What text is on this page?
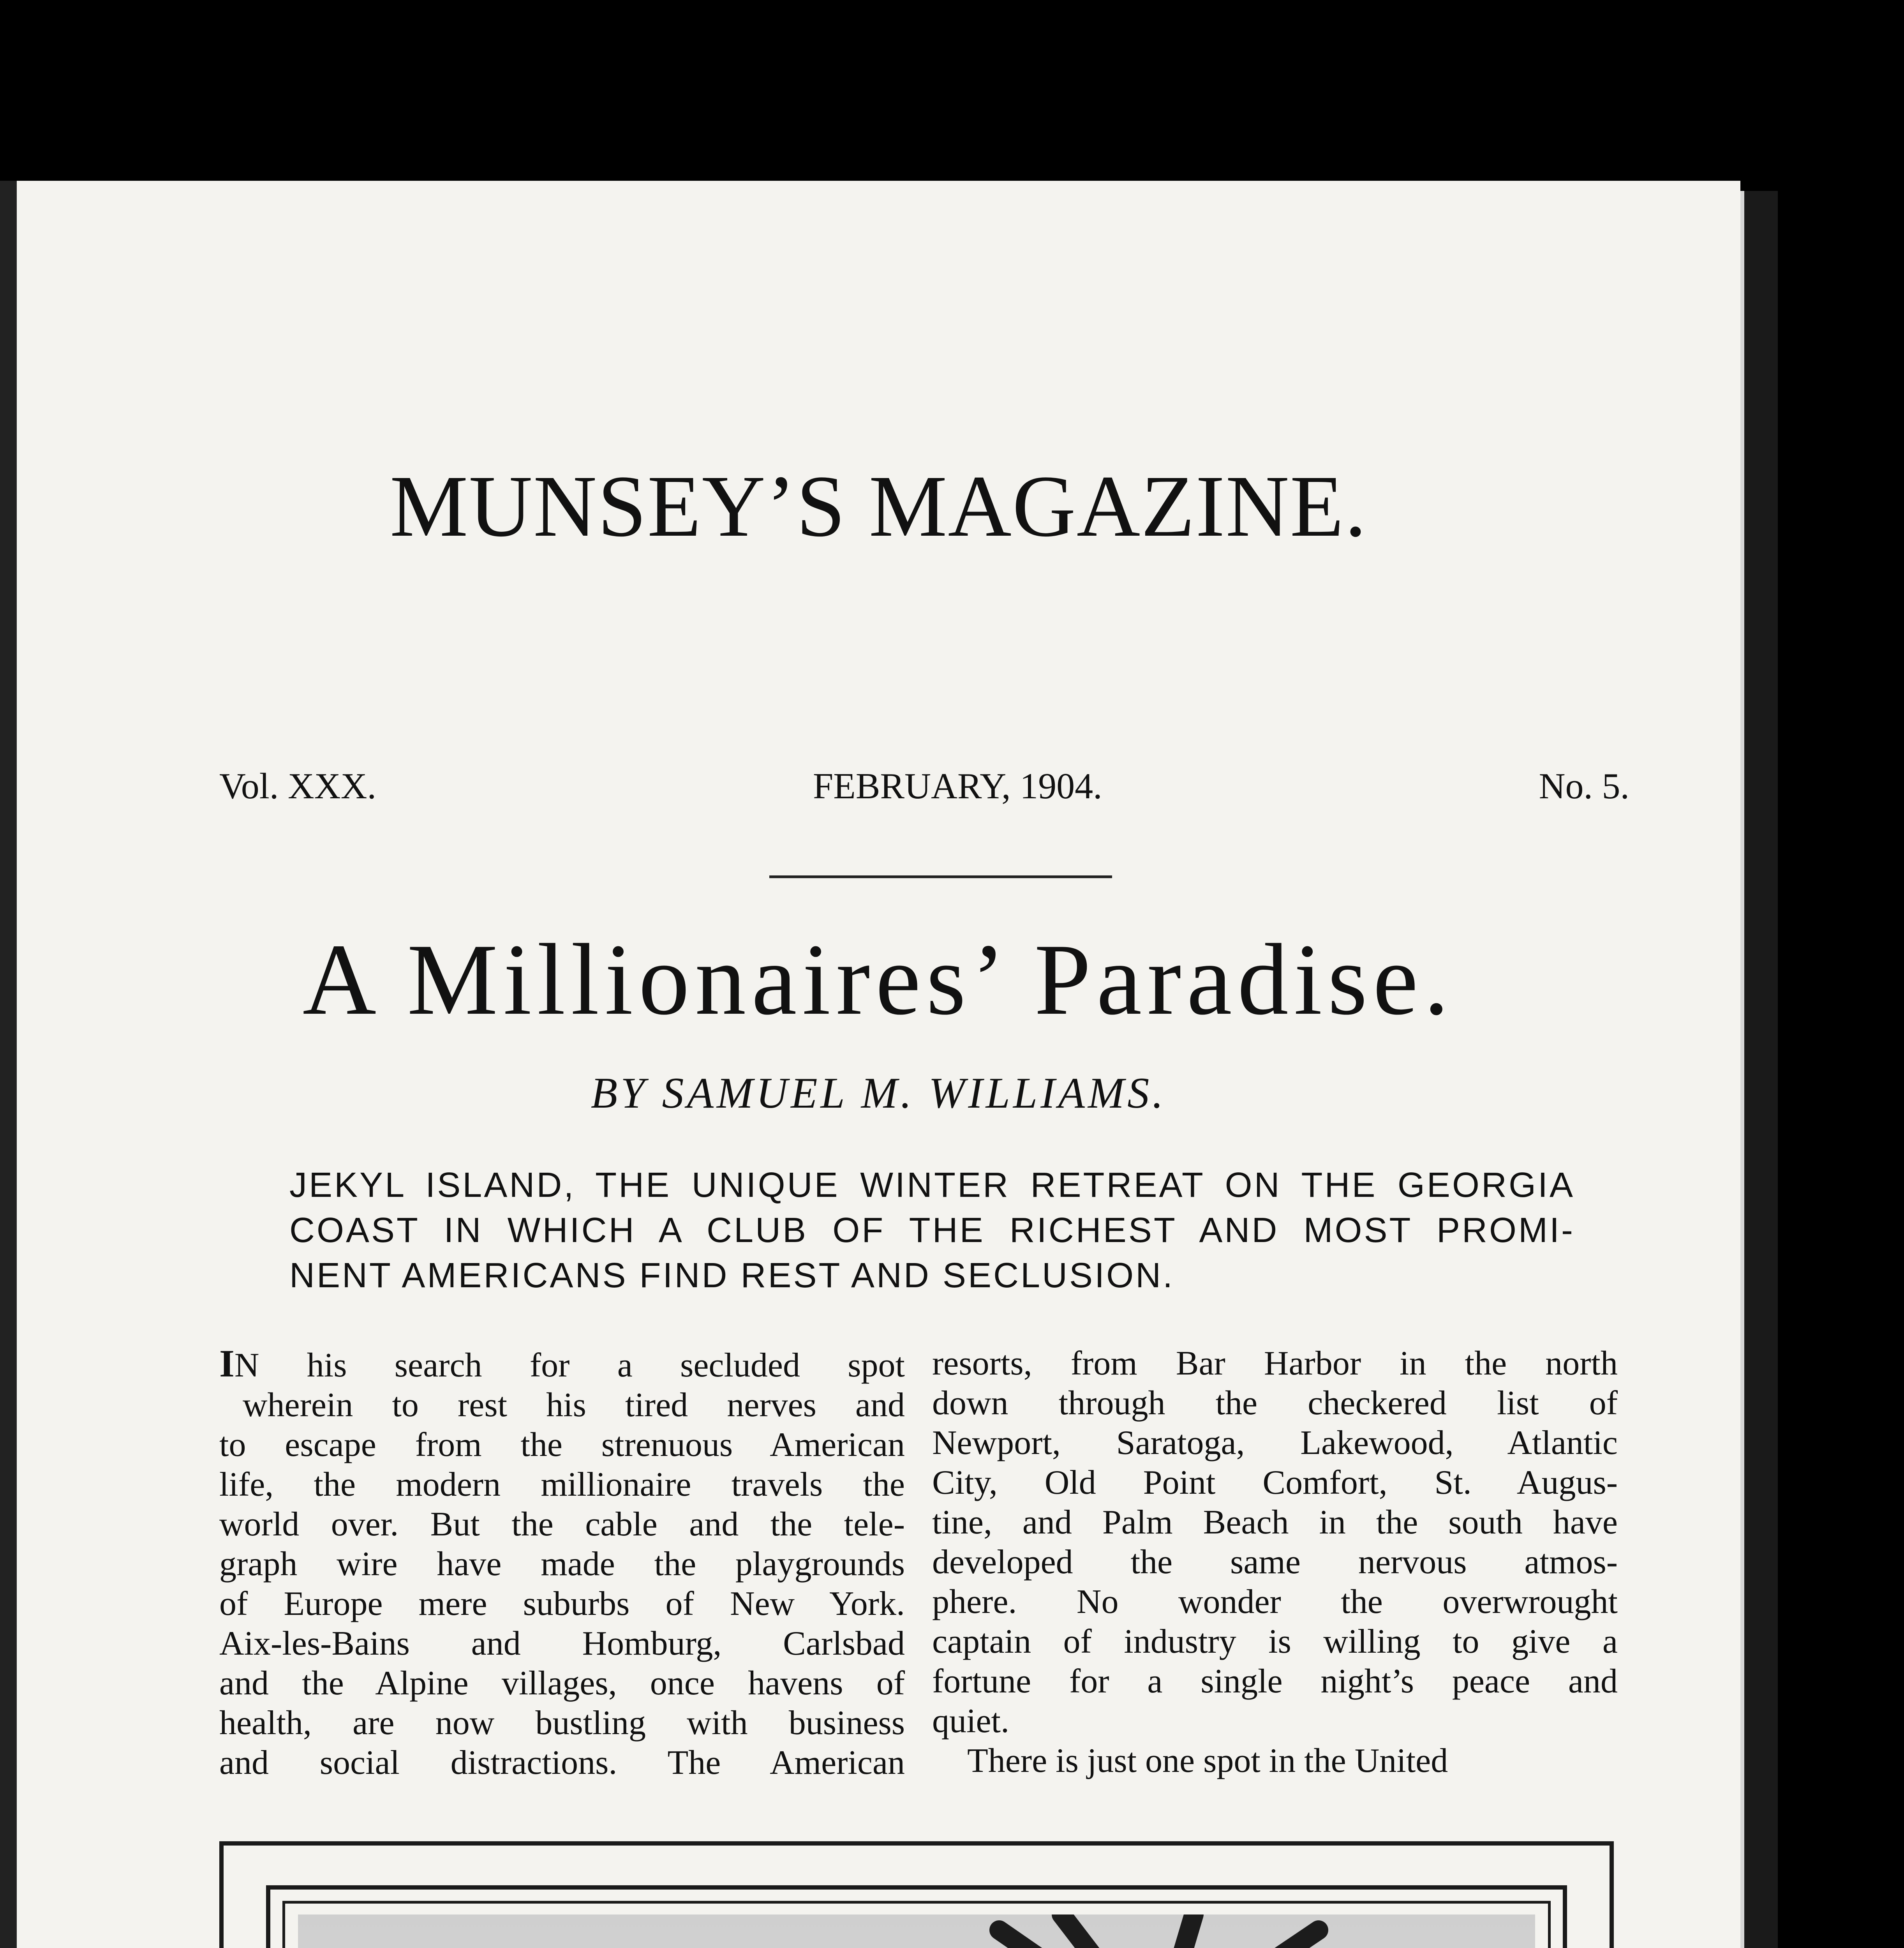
MUNSEY’S MAGAZINE.
Vol. XXX.	FEBRUARY, 1904.	No. 5.
A Millionaires’ Paradise.
BY SAMUEL M. WILLIAMS.
JEKYL ISLAND, THE UNIQUE WINTER RETREAT ON THE GEORGIA
COAST IN WHICH A CLUB OF THE RICHEST AND MOST PROMI-
NENT AMERICANS FIND REST AND SECLUSION.
IN his search for a secluded spot
wherein to rest his tired nerves and
to escape from the strenuous American
life, the modern millionaire travels the
world over. But the cable and the tele-
graph wire have made the playgrounds
of Europe mere suburbs of New York.
Aix-les-Bains and Homburg, Carlsbad
and the Alpine villages, once havens of
health, are now bustling with business
and social distractions. The American
resorts, from Bar Harbor in the north
down through the checkered list of
Newport, Saratoga, Lakewood, Atlantic
City, Old Point Comfort, St. Augus-
tine, and Palm Beach in the south have
developed the same nervous atmos-
phere. No wonder the overwrought
captain of industry is willing to give a
fortune for a single night’s peace and
quiet.
There is just one spot in the United
